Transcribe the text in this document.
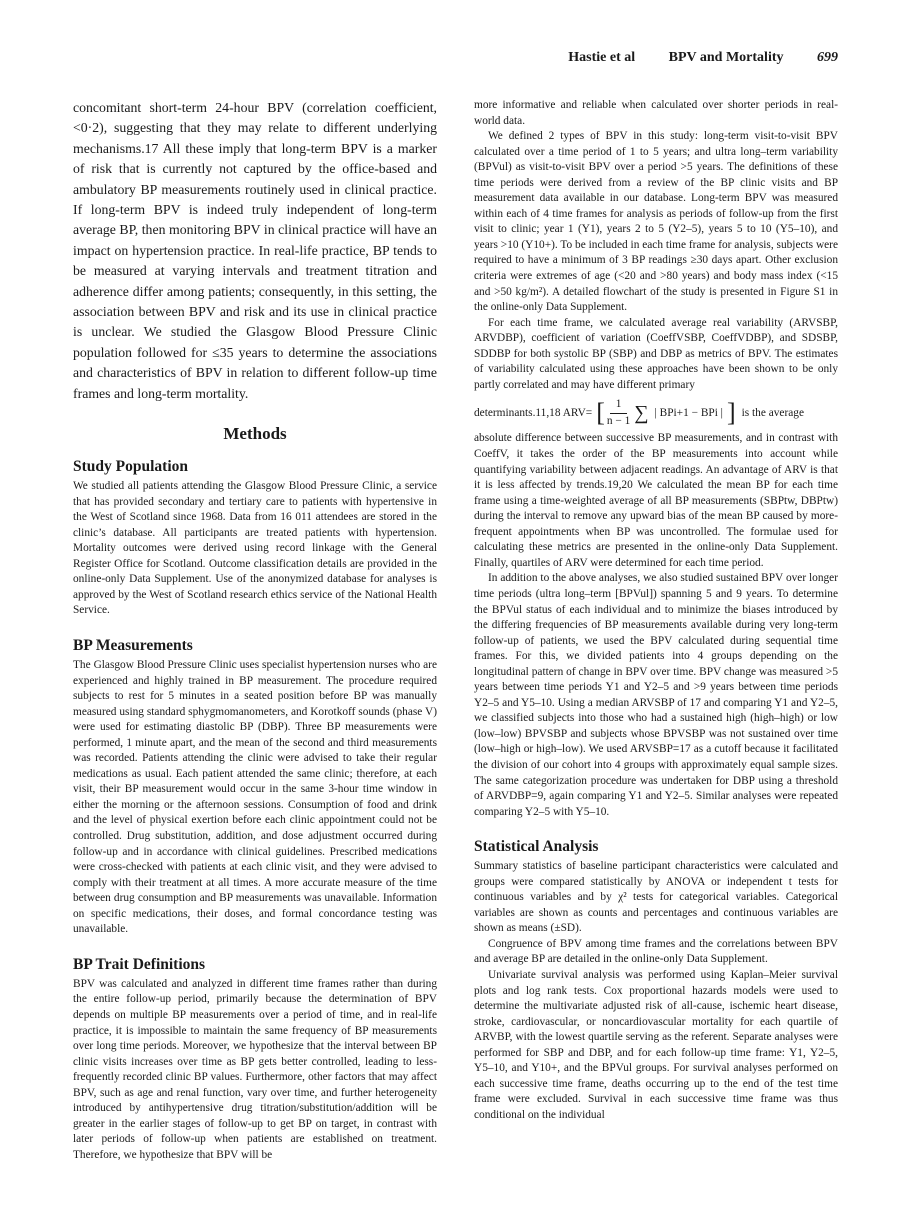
Hastie et al BPV and Mortality 699

concomitant short-term 24-hour BPV (correlation coefficient, <0·2), suggesting that they may relate to different underlying mechanisms.17 All these imply that long-term BPV is a marker of risk that is currently not captured by the office-based and ambulatory BP measurements routinely used in clinical practice. If long-term BPV is indeed truly independent of long-term average BP, then monitoring BPV in clinical practice will have an impact on hypertension practice. In real-life practice, BP tends to be measured at varying intervals and treatment titration and adherence differ among patients; consequently, in this setting, the association between BPV and risk and its use in clinical practice is unclear. We studied the Glasgow Blood Pressure Clinic population followed for ≤35 years to determine the associations and characteristics of BPV in relation to different follow-up time frames and long-term mortality.

Methods
Study Population

We studied all patients attending the Glasgow Blood Pressure Clinic, a service that has provided secondary and tertiary care to patients with hypertensive in the West of Scotland since 1968. Data from 16 011 attendees are stored in the clinic’s database. All participants are treated patients with hypertension. Mortality outcomes were derived using record linkage with the General Register Office for Scotland. Outcome classification details are provided in the online-only Data Supplement. Use of the anonymized database for analyses is approved by the West of Scotland research ethics service of the National Health Service.

BP Measurements

The Glasgow Blood Pressure Clinic uses specialist hypertension nurses who are experienced and highly trained in BP measurement. The procedure required subjects to rest for 5 minutes in a seated position before BP was manually measured using standard sphygmomanometers, and Korotkoff sounds (phase V) were used for estimating diastolic BP (DBP). Three BP measurements were performed, 1 minute apart, and the mean of the second and third measurements was recorded. Patients attending the clinic were advised to take their regular medications as usual. Each patient attended the same clinic; therefore, at each visit, their BP measurement would occur in the same 3-hour time window in either the morning or the afternoon sessions. Consumption of food and drink and the level of physical exertion before each clinic appointment could not be controlled. Drug substitution, addition, and dose adjustment occurred during follow-up and in accordance with clinical guidelines. Prescribed medications were cross-checked with patients at each clinic visit, and they were advised to comply with their treatment at all times. A more accurate measure of the time between drug consumption and BP measurements was unavailable. Information on specific medications, their doses, and formal concordance testing was unavailable.

BP Trait Definitions

BPV was calculated and analyzed in different time frames rather than during the entire follow-up period, primarily because the determination of BPV depends on multiple BP measurements over a period of time, and in real-life practice, it is impossible to maintain the same frequency of BP measurements over long time periods. Moreover, we hypothesize that the interval between BP clinic visits increases over time as BP gets better controlled, leading to less-frequently recorded clinic BP values. Furthermore, other factors that may affect BPV, such as age and renal function, vary over time, and further heterogeneity introduced by antihypertensive drug titration/substitution/addition will be greater in the earlier stages of follow-up to get BP on target, in contrast with later periods of follow-up when patients are established on treatment. Therefore, we hypothesize that BPV will be

more informative and reliable when calculated over shorter periods in real-world data.

We defined 2 types of BPV in this study: long-term visit-to-visit BPV calculated over a time period of 1 to 5 years; and ultra long–term variability (BPVul) as visit-to-visit BPV over a period >5 years. The definitions of these time periods were derived from a review of the BP clinic visits and BP measurement data available in our database. Long-term BPV was measured within each of 4 time frames for analysis as periods of follow-up from the first visit to clinic; year 1 (Y1), years 2 to 5 (Y2–5), years 5 to 10 (Y5–10), and years >10 (Y10+). To be included in each time frame for analysis, subjects were required to have a minimum of 3 BP readings ≥30 days apart. Other exclusion criteria were extremes of age (<20 and >80 years) and body mass index (<15 and >50 kg/m²). A detailed flowchart of the study is presented in Figure S1 in the online-only Data Supplement.

For each time frame, we calculated average real variability (ARVSBP, ARVDBP), coefficient of variation (CoeffVSBP, CoeffVDBP), and SDSBP, SDDBP for both systolic BP (SBP) and DBP as metrics of BPV. The estimates of variability calculated using these approaches have been shown to be only partly correlated and may have different primary

determinants.11,18 ARV= [ $\frac{1}{n - 1}$ ∑ | BPi+1 − BPi | ] is the average

absolute difference between successive BP measurements, and in contrast with CoeffV, it takes the order of the BP measurements into account while quantifying variability between adjacent readings. An advantage of ARV is that it is less affected by trends.19,20 We calculated the mean BP for each time frame using a time-weighted average of all BP measurements (SBPtw, DBPtw) during the interval to remove any upward bias of the mean BP caused by more-frequent appointments when BP was uncontrolled. The formulae used for calculating these metrics are presented in the online-only Data Supplement. Finally, quartiles of ARV were determined for each time period.

In addition to the above analyses, we also studied sustained BPV over longer time periods (ultra long–term [BPVul]) spanning 5 and 9 years. To determine the BPVul status of each individual and to minimize the biases introduced by the differing frequencies of BP measurements available during very long-term follow-up of patients, we used the BPV calculated during sequential time frames. For this, we divided patients into 4 groups depending on the longitudinal pattern of change in BPV over time. BPV change was measured >5 years between time periods Y1 and Y2–5 and >9 years between time periods Y2–5 and Y5–10. Using a median ARVSBP of 17 and comparing Y1 and Y2–5, we classified subjects into those who had a sustained high (high–high) or low (low–low) BPVSBP and subjects whose BPVSBP was not sustained over time (low–high or high–low). We used ARVSBP=17 as a cutoff because it facilitated the division of our cohort into 4 groups with approximately equal sample sizes. The same categorization procedure was undertaken for DBP using a threshold of ARVDBP=9, again comparing Y1 and Y2–5. Similar analyses were repeated comparing Y2–5 with Y5–10.

Statistical Analysis

Summary statistics of baseline participant characteristics were calculated and groups were compared statistically by ANOVA or independent t tests for continuous variables and by χ² tests for categorical variables. Categorical variables are shown as counts and percentages and continuous variables are shown as means (±SD).

Congruence of BPV among time frames and the correlations between BPV and average BP are detailed in the online-only Data Supplement.

Univariate survival analysis was performed using Kaplan–Meier survival plots and log rank tests. Cox proportional hazards models were used to determine the multivariate adjusted risk of all-cause, ischemic heart disease, stroke, cardiovascular, or noncardiovascular mortality for each quartile of ARVBP, with the lowest quartile serving as the referent. Separate analyses were performed for SBP and DBP, and for each follow-up time frame: Y1, Y2–5, Y5–10, and Y10+, and the BPVul groups. For survival analyses performed on each successive time frame, deaths occurring up to the end of the test time frame were excluded. Survival in each successive time frame was thus conditional on the individual
